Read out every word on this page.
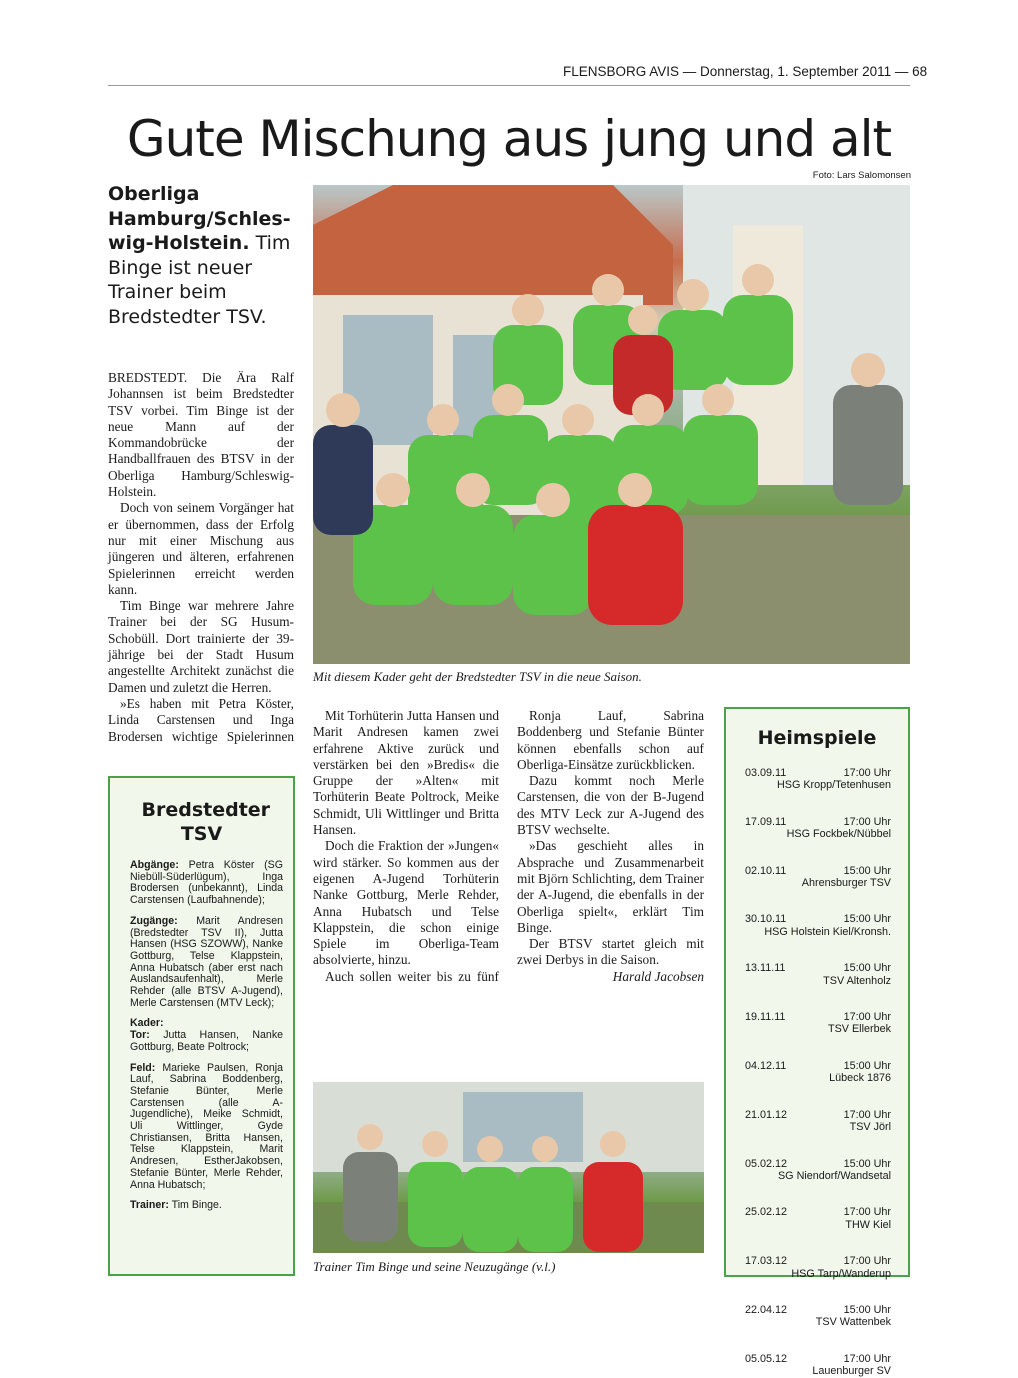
FLENSBORG AVIS — Donnerstag, 1. September 2011 — 68
Gute Mischung aus jung und alt
Foto: Lars Salomonsen
Oberliga Hamburg/Schles-wig-Holstein. Tim Binge ist neuer Trainer beim Bredstedter TSV.

BREDSTEDT. Die Ära Ralf Johannsen ist beim Bredstedter TSV vorbei. Tim Binge ist der neue Mann auf der Kommandobrücke der Handballfrauen des BTSV in der Oberliga Hamburg/Schleswig-Holstein.

Doch von seinem Vorgänger hat er übernommen, dass der Erfolg nur mit einer Mischung aus jüngeren und älteren, erfahrenen Spielerinnen erreicht werden kann.

Tim Binge war mehrere Jahre Trainer bei der SG Husum-Schobüll. Dort trainierte der 39-jährige bei der Stadt Husum angestellte Architekt zunächst die Damen und zuletzt die Herren.

»Es haben mit Petra Köster, Linda Carstensen und Inga Brodersen wichtige Spielerinnen

Mit Torhüterin Jutta Hansen und Marit Andresen kamen zwei erfahrene Aktive zurück und verstärken bei den »Bredis« die Gruppe der »Alten« mit Torhüterin Beate Poltrock, Meike Schmidt, Uli Wittlinger und Britta Hansen.

Doch die Fraktion der »Jungen« wird stärker. So kommen aus der eigenen A-Jugend Torhüterin Nanke Gottburg, Merle Rehder, Anna Hubatsch und Telse Klappstein, die schon einige Spiele im Oberliga-Team absolvierte, hinzu.

Auch sollen weiter bis zu fünf

Ronja Lauf, Sabrina Boddenberg und Stefanie Bünter können ebenfalls schon auf Oberliga-Einsätze zurückblicken.

Dazu kommt noch Merle Carstensen, die von der B-Jugend des MTV Leck zur A-Jugend des BTSV wechselte.

»Das geschieht alles in Absprache und Zusammenarbeit mit Björn Schlichting, dem Trainer der A-Jugend, die ebenfalls in der Oberliga spielt«, erklärt Tim Binge.

Der BTSV startet gleich mit zwei Derbys in die Saison.

Harald Jacobsen

Mit diesem Kader geht der Bredstedter TSV in die neue Saison.
Trainer Tim Binge und seine Neuzugänge (v.l.)
Bredstedter TSV

Abgänge: Petra Köster (SG Niebüll-Süderlügum), Inga Brodersen (unbekannt), Linda Carstensen (Laufbahnende);

Zugänge: Marit Andresen (Bredstedter TSV II), Jutta Hansen (HSG SZOWW), Nanke Gottburg, Telse Klappstein, Anna Hubatsch (aber erst nach Auslandsaufenhalt), Merle Rehder (alle BTSV A-Jugend), Merle Carstensen (MTV Leck);

Kader:
Tor: Jutta Hansen, Nanke Gottburg, Beate Poltrock;

Feld: Marieke Paulsen, Ronja Lauf, Sabrina Boddenberg, Stefanie Bünter, Merle Carstensen (alle A-Jugendliche), Meike Schmidt, Uli Wittlinger, Gyde Christiansen, Britta Hansen, Telse Klappstein, Marit Andresen, EstherJakobsen, Stefanie Bünter, Merle Rehder, Anna Hubatsch;

Trainer: Tim Binge.

Heimspiele
03.09.11	17:00 Uhr
HSG Kropp/Tetenhusen
17.09.11	17:00 Uhr
HSG Fockbek/Nübbel
02.10.11	15:00 Uhr
Ahrensburger TSV
30.10.11	15:00 Uhr
HSG Holstein Kiel/Kronsh.
13.11.11	15:00 Uhr
TSV Altenholz
19.11.11	17:00 Uhr
TSV Ellerbek
04.12.11	15:00 Uhr
Lübeck 1876
21.01.12	17:00 Uhr
TSV Jörl
05.02.12	15:00 Uhr
SG Niendorf/Wandsetal
25.02.12	17:00 Uhr
THW Kiel
17.03.12	17:00 Uhr
HSG Tarp/Wanderup
22.04.12	15:00 Uhr
TSV Wattenbek
05.05.12	17:00 Uhr
Lauenburger SV
